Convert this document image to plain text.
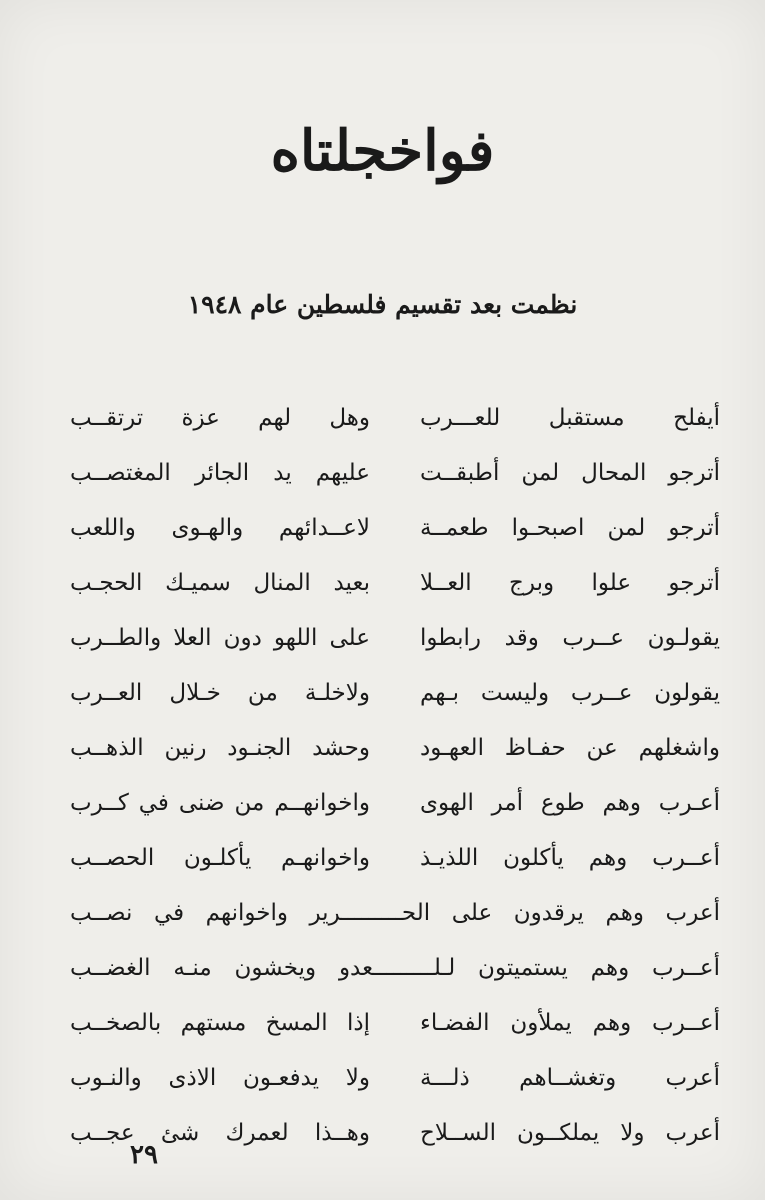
فواخجلتاه
نظمت بعد تقسيم فلسطين عام ١٩٤٨
أيفلح مستقبل للعـــرب
وهل لهم عزة ترتقــب
أترجو المحال لمن أطبقــت
عليهم يد الجائر المغتصــب
أترجو لمن اصبحـوا طعمــة
لاعــدائهم والهـوى واللعب
أترجو علوا وبرج العــلا
بعيد المنال سميـك الحجـب
يقولـون عــرب وقد رابطوا
على اللهو دون العلا والطــرب
يقولون عــرب وليست بـهم
ولاخلـة من خـلال العــرب
واشغلهم عن حفـاظ العهـود
وحشد الجنـود رنين الذهــب
أعـرب وهم طوع أمر الهوى
واخوانهــم من ضنى في كــرب
أعــرب وهم يأكلون اللذيـذ
واخوانهـم يأكلـون الحصــب
أعرب وهم يرقدون على الحـــــــــرير واخوانهم في نصــب
أعــرب وهم يستميتون لـلـــــــــعدو ويخشون منـه الغضــب
أعــرب وهم يملأون الفضـاء
إذا المسخ مستهم بالصخــب
أعرب وتغشــاهم ذلـــة
ولا يدفعـون الاذى والنـوب
أعرب ولا يملكــون الســلاح
وهــذا لعمرك شئ عجــب
٢٩
